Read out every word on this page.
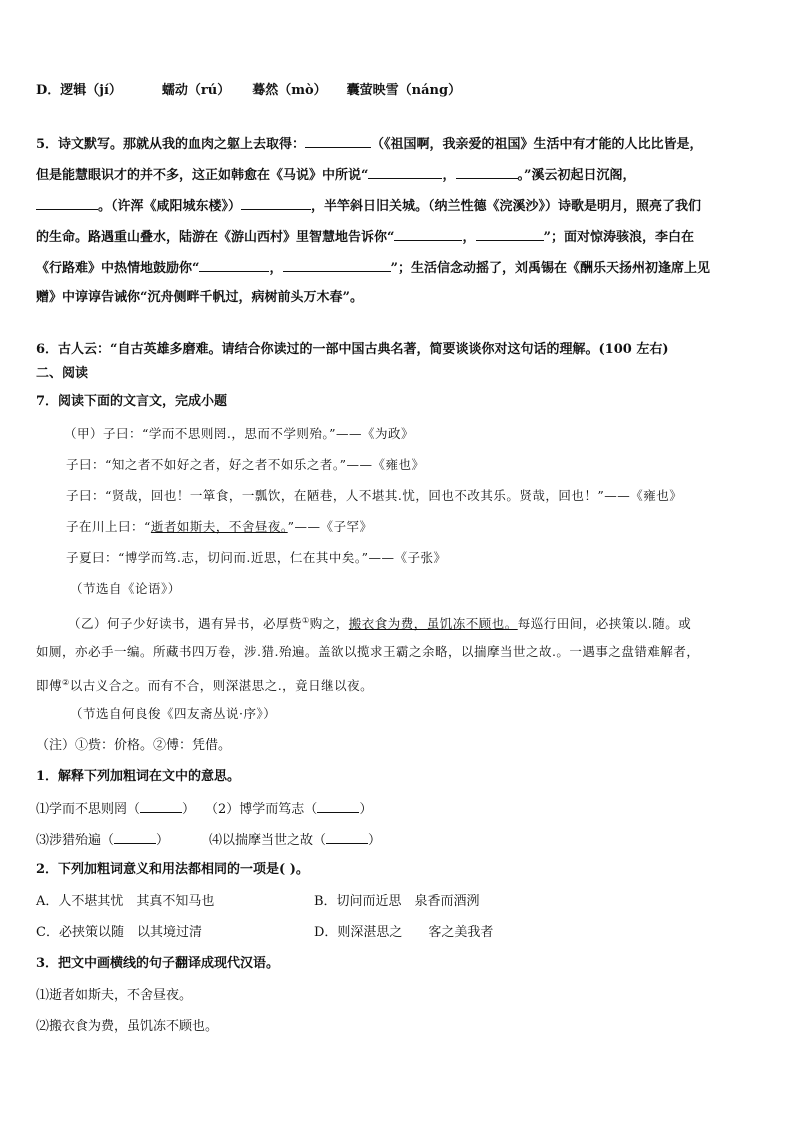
D．逻辑（jí）	蠕动（rú） 蓦然（mò） 囊萤映雪（náng）
5．诗文默写。那就从我的血肉之躯上去取得：	（《祖国啊，我亲爱的祖国》生活中有才能的人比比皆是，
但是能慧眼识才的并不多，这正如韩愈在《马说》中所说“	，	。”溪云初起日沉阁，
。（许浑《咸阳城东楼》）	，半竿斜日旧关城。（纳兰性德《浣溪沙》）诗歌是明月，照亮了我们
的生命。路遇重山叠水，陆游在《游山西村》里智慧地告诉你“	，	”；面对惊涛骇浪，李白在
《行路难》中热情地鼓励你“	，	”；生活信念动摇了，刘禹锡在《酬乐天扬州初逢席上见
赠》中谆谆告诫你“沉舟侧畔千帆过，病树前头万木春”。
6．古人云：“自古英雄多磨难。请结合你读过的一部中国古典名著，简要谈谈你对这句话的理解。(100 左右)
二、阅读
7．阅读下面的文言文，完成小题
（甲）子曰：“学而不思则罔.，思而不学则殆。”——《为政》
子曰：“知之者不如好之者，好之者不如乐之者。”——《雍也》
子曰：“贤哉，回也！一箪食，一瓢饮，在陋巷，人不堪其.忧，回也不改其乐。贤哉，回也！”——《雍也》
子在川上曰：“逝者如斯夫，不舍昼夜。”——《子罕》
子夏曰：“博学而笃.志，切问而.近思，仁在其中矣。”——《子张》
（节选自《论语》）
（乙）何子少好读书，遇有异书，必厚赀①购之，搬衣食为费，虽饥冻不顾也。每巡行田间，必挟策以.随。或
如厕，亦必手一编。所藏书四万卷，涉.猎.殆遍。盖欲以揽求王霸之余略，以揣摩当世之故.。一遇事之盘错难解者，
即傅②以古义合之。而有不合，则深湛思之.，竟日继以夜。
（节选自何良俊《四友斋丛说·序》）
（注）①赀：价格。②傅：凭借。
1．解释下列加粗词在文中的意思。
⑴学而不思则罔（	） （2）博学而笃志（	）
⑶涉猎殆遍（	）	⑷以揣摩当世之故（	）
2．下列加粗词意义和用法都相同的一项是( )。
A．人不堪其忧　其真不知马也	B．切问而近思　泉香而酒洌
C．必挟策以随　以其境过清	D．则深湛思之　　客之美我者
3．把文中画横线的句子翻译成现代汉语。
⑴逝者如斯夫，不舍昼夜。
⑵搬衣食为费，虽饥冻不顾也。
